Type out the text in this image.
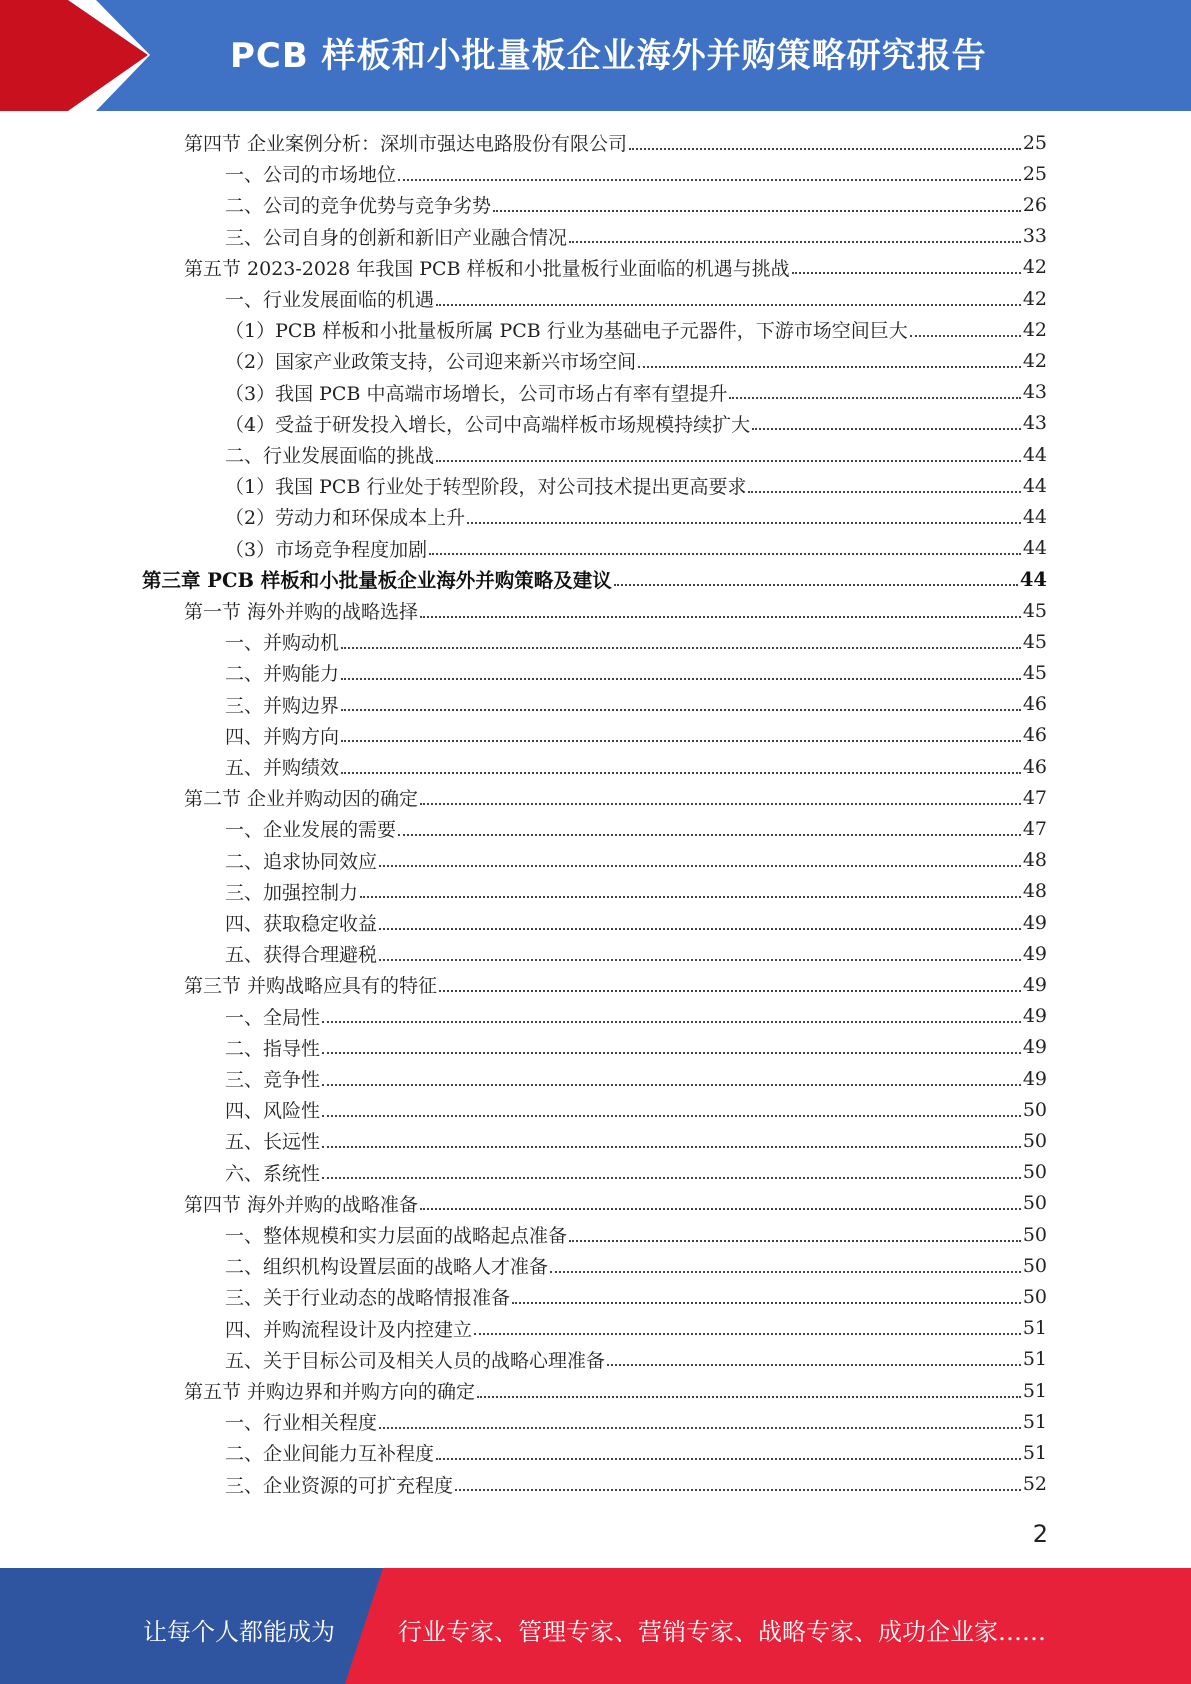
PCB 样板和小批量板企业海外并购策略研究报告
第四节 企业案例分析：深圳市强达电路股份有限公司	25
一、公司的市场地位	25
二、公司的竞争优势与竞争劣势	26
三、公司自身的创新和新旧产业融合情况	33
第五节 2023-2028 年我国 PCB 样板和小批量板行业面临的机遇与挑战	42
一、行业发展面临的机遇	42
（1）PCB 样板和小批量板所属 PCB 行业为基础电子元器件，下游市场空间巨大	42
（2）国家产业政策支持，公司迎来新兴市场空间	42
（3）我国 PCB 中高端市场增长，公司市场占有率有望提升	43
（4）受益于研发投入增长，公司中高端样板市场规模持续扩大	43
二、行业发展面临的挑战	44
（1）我国 PCB 行业处于转型阶段，对公司技术提出更高要求	44
（2）劳动力和环保成本上升	44
（3）市场竞争程度加剧	44
第三章 PCB 样板和小批量板企业海外并购策略及建议	44
第一节 海外并购的战略选择	45
一、并购动机	45
二、并购能力	45
三、并购边界	46
四、并购方向	46
五、并购绩效	46
第二节 企业并购动因的确定	47
一、企业发展的需要	47
二、追求协同效应	48
三、加强控制力	48
四、获取稳定收益	49
五、获得合理避税	49
第三节 并购战略应具有的特征	49
一、全局性	49
二、指导性	49
三、竞争性	49
四、风险性	50
五、长远性	50
六、系统性	50
第四节 海外并购的战略准备	50
一、整体规模和实力层面的战略起点准备	50
二、组织机构设置层面的战略人才准备	50
三、关于行业动态的战略情报准备	50
四、并购流程设计及内控建立	51
五、关于目标公司及相关人员的战略心理准备	51
第五节 并购边界和并购方向的确定	51
一、行业相关程度	51
二、企业间能力互补程度	51
三、企业资源的可扩充程度	52
2
让每个人都能成为	行业专家、管理专家、营销专家、战略专家、成功企业家……
